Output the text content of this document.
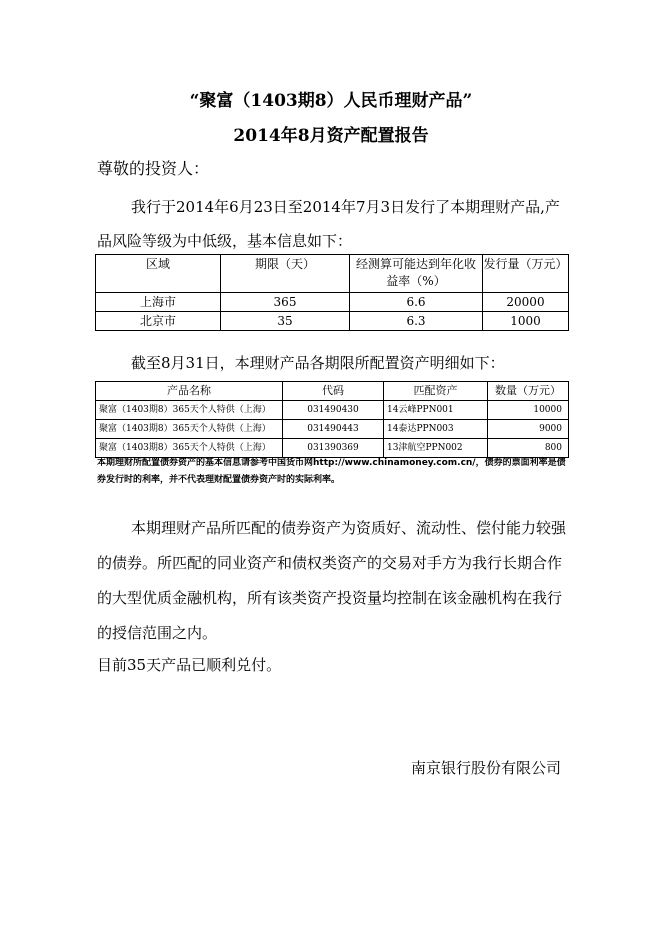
“聚富（1403期8）人民币理财产品”
2014年8月资产配置报告
尊敬的投资人：
我行于2014年6月23日至2014年7月3日发行了本期理财产品,产品风险等级为中低级，基本信息如下：
区域	期限（天）	经测算可能达到年化收益率（%）	发行量（万元）
上海市	365	6.6	20000
北京市	35	6.3	1000
截至8月31日，本理财产品各期限所配置资产明细如下：
产品名称	代码	匹配资产	数量（万元）
聚富（1403期8）365天个人特供（上海）	031490430	14云峰PPN001	10000
聚富（1403期8）365天个人特供（上海）	031490443	14泰达PPN003	9000
聚富（1403期8）365天个人特供（上海）	031390369	13津航空PPN002	800
本期理财所配置债券资产的基本信息请参考中国货币网http://www.chinamoney.com.cn/，债券的票面利率是债券发行时的利率，并不代表理财配置债券资产时的实际利率。
本期理财产品所匹配的债券资产为资质好、流动性、偿付能力较强的债券。所匹配的同业资产和债权类资产的交易对手方为我行长期合作的大型优质金融机构，所有该类资产投资量均控制在该金融机构在我行的授信范围之内。
目前35天产品已顺利兑付。
南京银行股份有限公司
